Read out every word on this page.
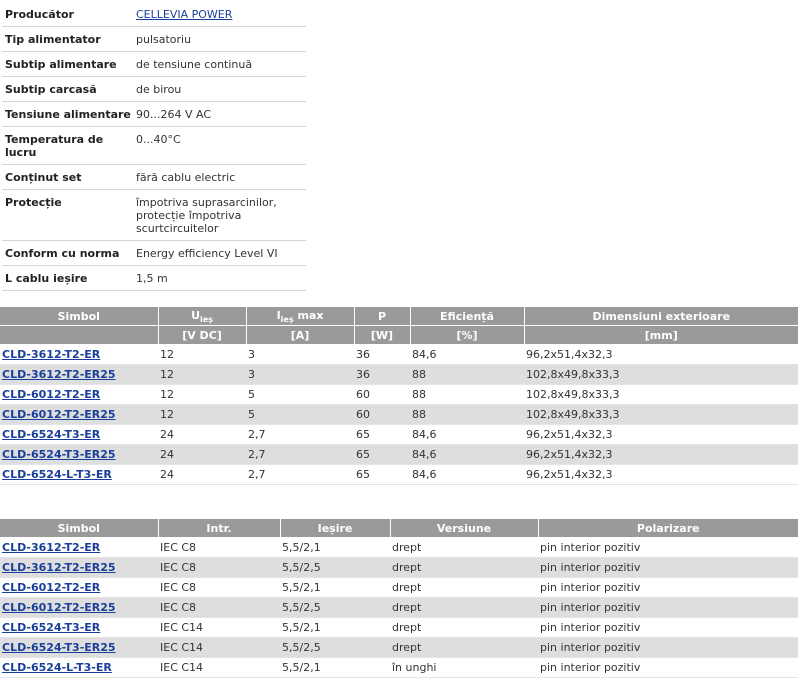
Producător	CELLEVIA POWER

Tip alimentator	pulsatoriu

Subtip alimentare	de tensiune continuă

Subtip carcasă	de birou

Tensiune alimentare	90...264 V AC

Temperatura de lucru	0...40°C

Conținut set	fără cablu electric

Protecție	împotriva suprasarcinilor,
protecție împotriva scurtcircuitelor

Conform cu norma	Energy efficiency Level VI

L cablu ieșire	1,5 m
Simbol	$U_{ieș}$	$I_{ieș}$ max	P	Eficiență	Dimensiuni exterioare
	[V DC]	[A]	[W]	[%]	[mm]
CLD-3612-T2-ER	12	3	36	84,6	96,2x51,4x32,3
CLD-3612-T2-ER25	12	3	36	88	102,8x49,8x33,3
CLD-6012-T2-ER	12	5	60	88	102,8x49,8x33,3
CLD-6012-T2-ER25	12	5	60	88	102,8x49,8x33,3
CLD-6524-T3-ER	24	2,7	65	84,6	96,2x51,4x32,3
CLD-6524-T3-ER25	24	2,7	65	84,6	96,2x51,4x32,3
CLD-6524-L-T3-ER	24	2,7	65	84,6	96,2x51,4x32,3
Simbol	Intr.	Ieșire	Versiune	Polarizare
CLD-3612-T2-ER	IEC C8	5,5/2,1	drept	pin interior pozitiv
CLD-3612-T2-ER25	IEC C8	5,5/2,5	drept	pin interior pozitiv
CLD-6012-T2-ER	IEC C8	5,5/2,1	drept	pin interior pozitiv
CLD-6012-T2-ER25	IEC C8	5,5/2,5	drept	pin interior pozitiv
CLD-6524-T3-ER	IEC C14	5,5/2,1	drept	pin interior pozitiv
CLD-6524-T3-ER25	IEC C14	5,5/2,5	drept	pin interior pozitiv
CLD-6524-L-T3-ER	IEC C14	5,5/2,1	în unghi	pin interior pozitiv
